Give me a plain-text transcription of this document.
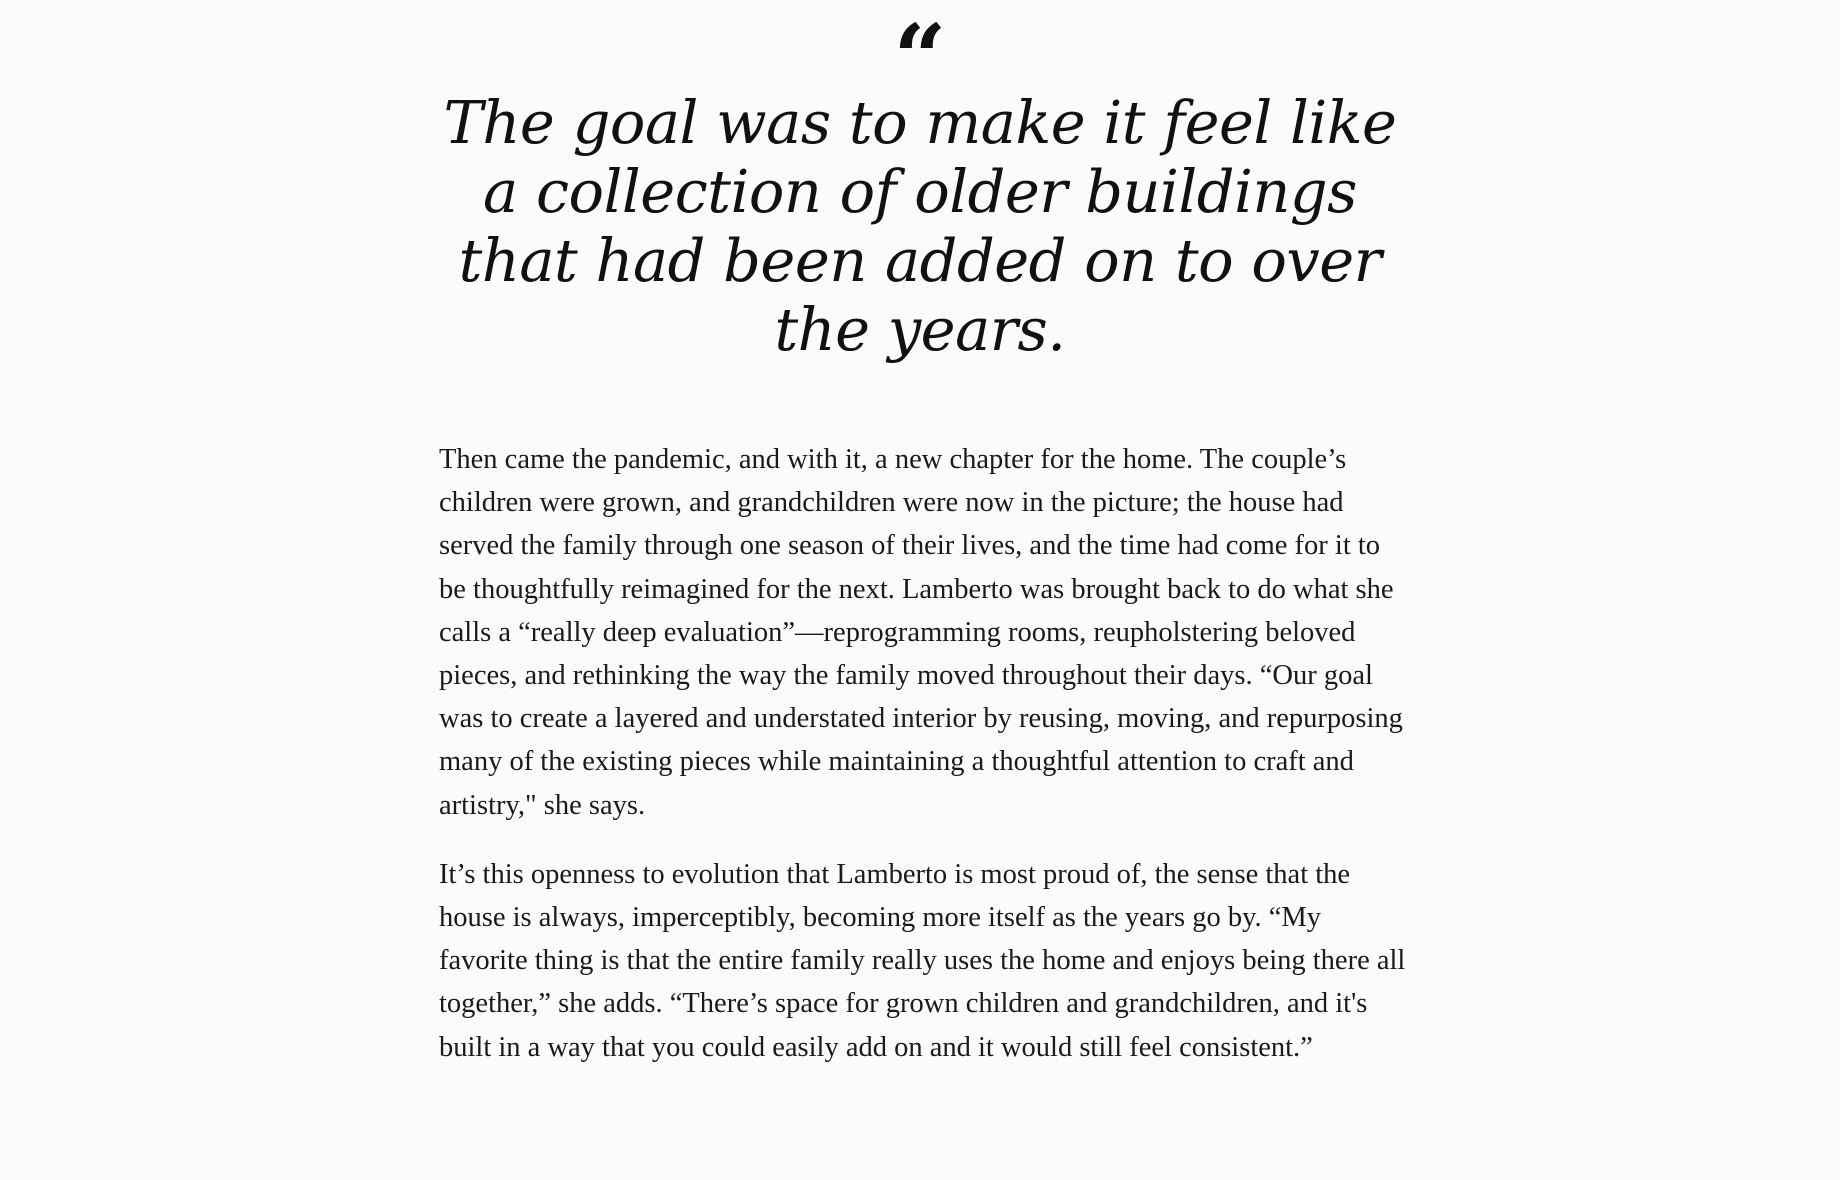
“
The goal was to make it feel like a collection of older buildings that had been added on to over the years.

Then came the pandemic, and with it, a new chapter for the home. The couple’s children were grown, and grandchildren were now in the picture; the house had served the family through one season of their lives, and the time had come for it to be thoughtfully reimagined for the next. Lamberto was brought back to do what she calls a “really deep evaluation”—reprogramming rooms, reupholstering beloved pieces, and rethinking the way the family moved throughout their days. “Our goal was to create a layered and understated interior by reusing, moving, and repurposing many of the existing pieces while maintaining a thoughtful attention to craft and artistry," she says.

It’s this openness to evolution that Lamberto is most proud of, the sense that the house is always, imperceptibly, becoming more itself as the years go by. “My favorite thing is that the entire family really uses the home and enjoys being there all together,” she adds. “There’s space for grown children and grandchildren, and it's built in a way that you could easily add on and it would still feel consistent.”
